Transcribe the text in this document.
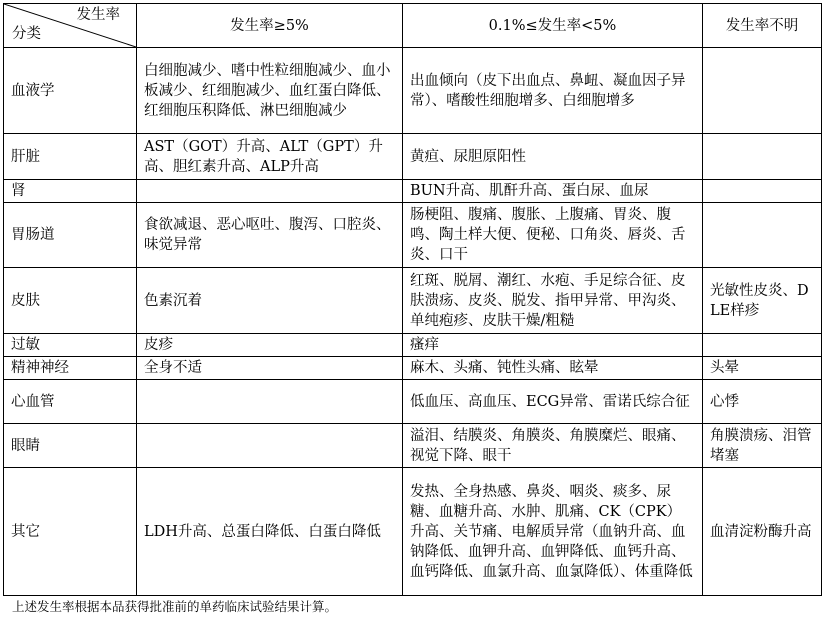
发生率
分类	发生率≥5%	0.1%≤发生率<5%	发生率不明
血液学	白细胞减少、嗜中性粒细胞减少、血小板减少、红细胞减少、血红蛋白降低、红细胞压积降低、淋巴细胞减少	出血倾向（皮下出血点、鼻衄、凝血因子异常）、嗜酸性细胞增多、白细胞增多	
肝脏	AST（GOT）升高、ALT（GPT）升高、胆红素升高、ALP升高	黄疸、尿胆原阳性	
肾		BUN升高、肌酐升高、蛋白尿、血尿	
胃肠道	食欲减退、恶心呕吐、腹泻、口腔炎、味觉异常	肠梗阻、腹痛、腹胀、上腹痛、胃炎、腹鸣、陶土样大便、便秘、口角炎、唇炎、舌炎、口干	
皮肤	色素沉着	红斑、脱屑、潮红、水疱、手足综合征、皮肤溃疡、皮炎、脱发、指甲异常、甲沟炎、单纯疱疹、皮肤干燥/粗糙	光敏性皮炎、DLE样疹
过敏	皮疹	瘙痒	
精神神经	全身不适	麻木、头痛、钝性头痛、眩晕	头晕
心血管		低血压、高血压、ECG异常、雷诺氏综合征	心悸
眼睛		溢泪、结膜炎、角膜炎、角膜糜烂、眼痛、视觉下降、眼干	角膜溃疡、泪管堵塞
其它	LDH升高、总蛋白降低、白蛋白降低	发热、全身热感、鼻炎、咽炎、痰多、尿糖、血糖升高、水肿、肌痛、CK（CPK）升高、关节痛、电解质异常（血钠升高、血钠降低、血钾升高、血钾降低、血钙升高、血钙降低、血氯升高、血氯降低）、体重降低	血清淀粉酶升高
上述发生率根据本品获得批准前的单药临床试验结果计算。
